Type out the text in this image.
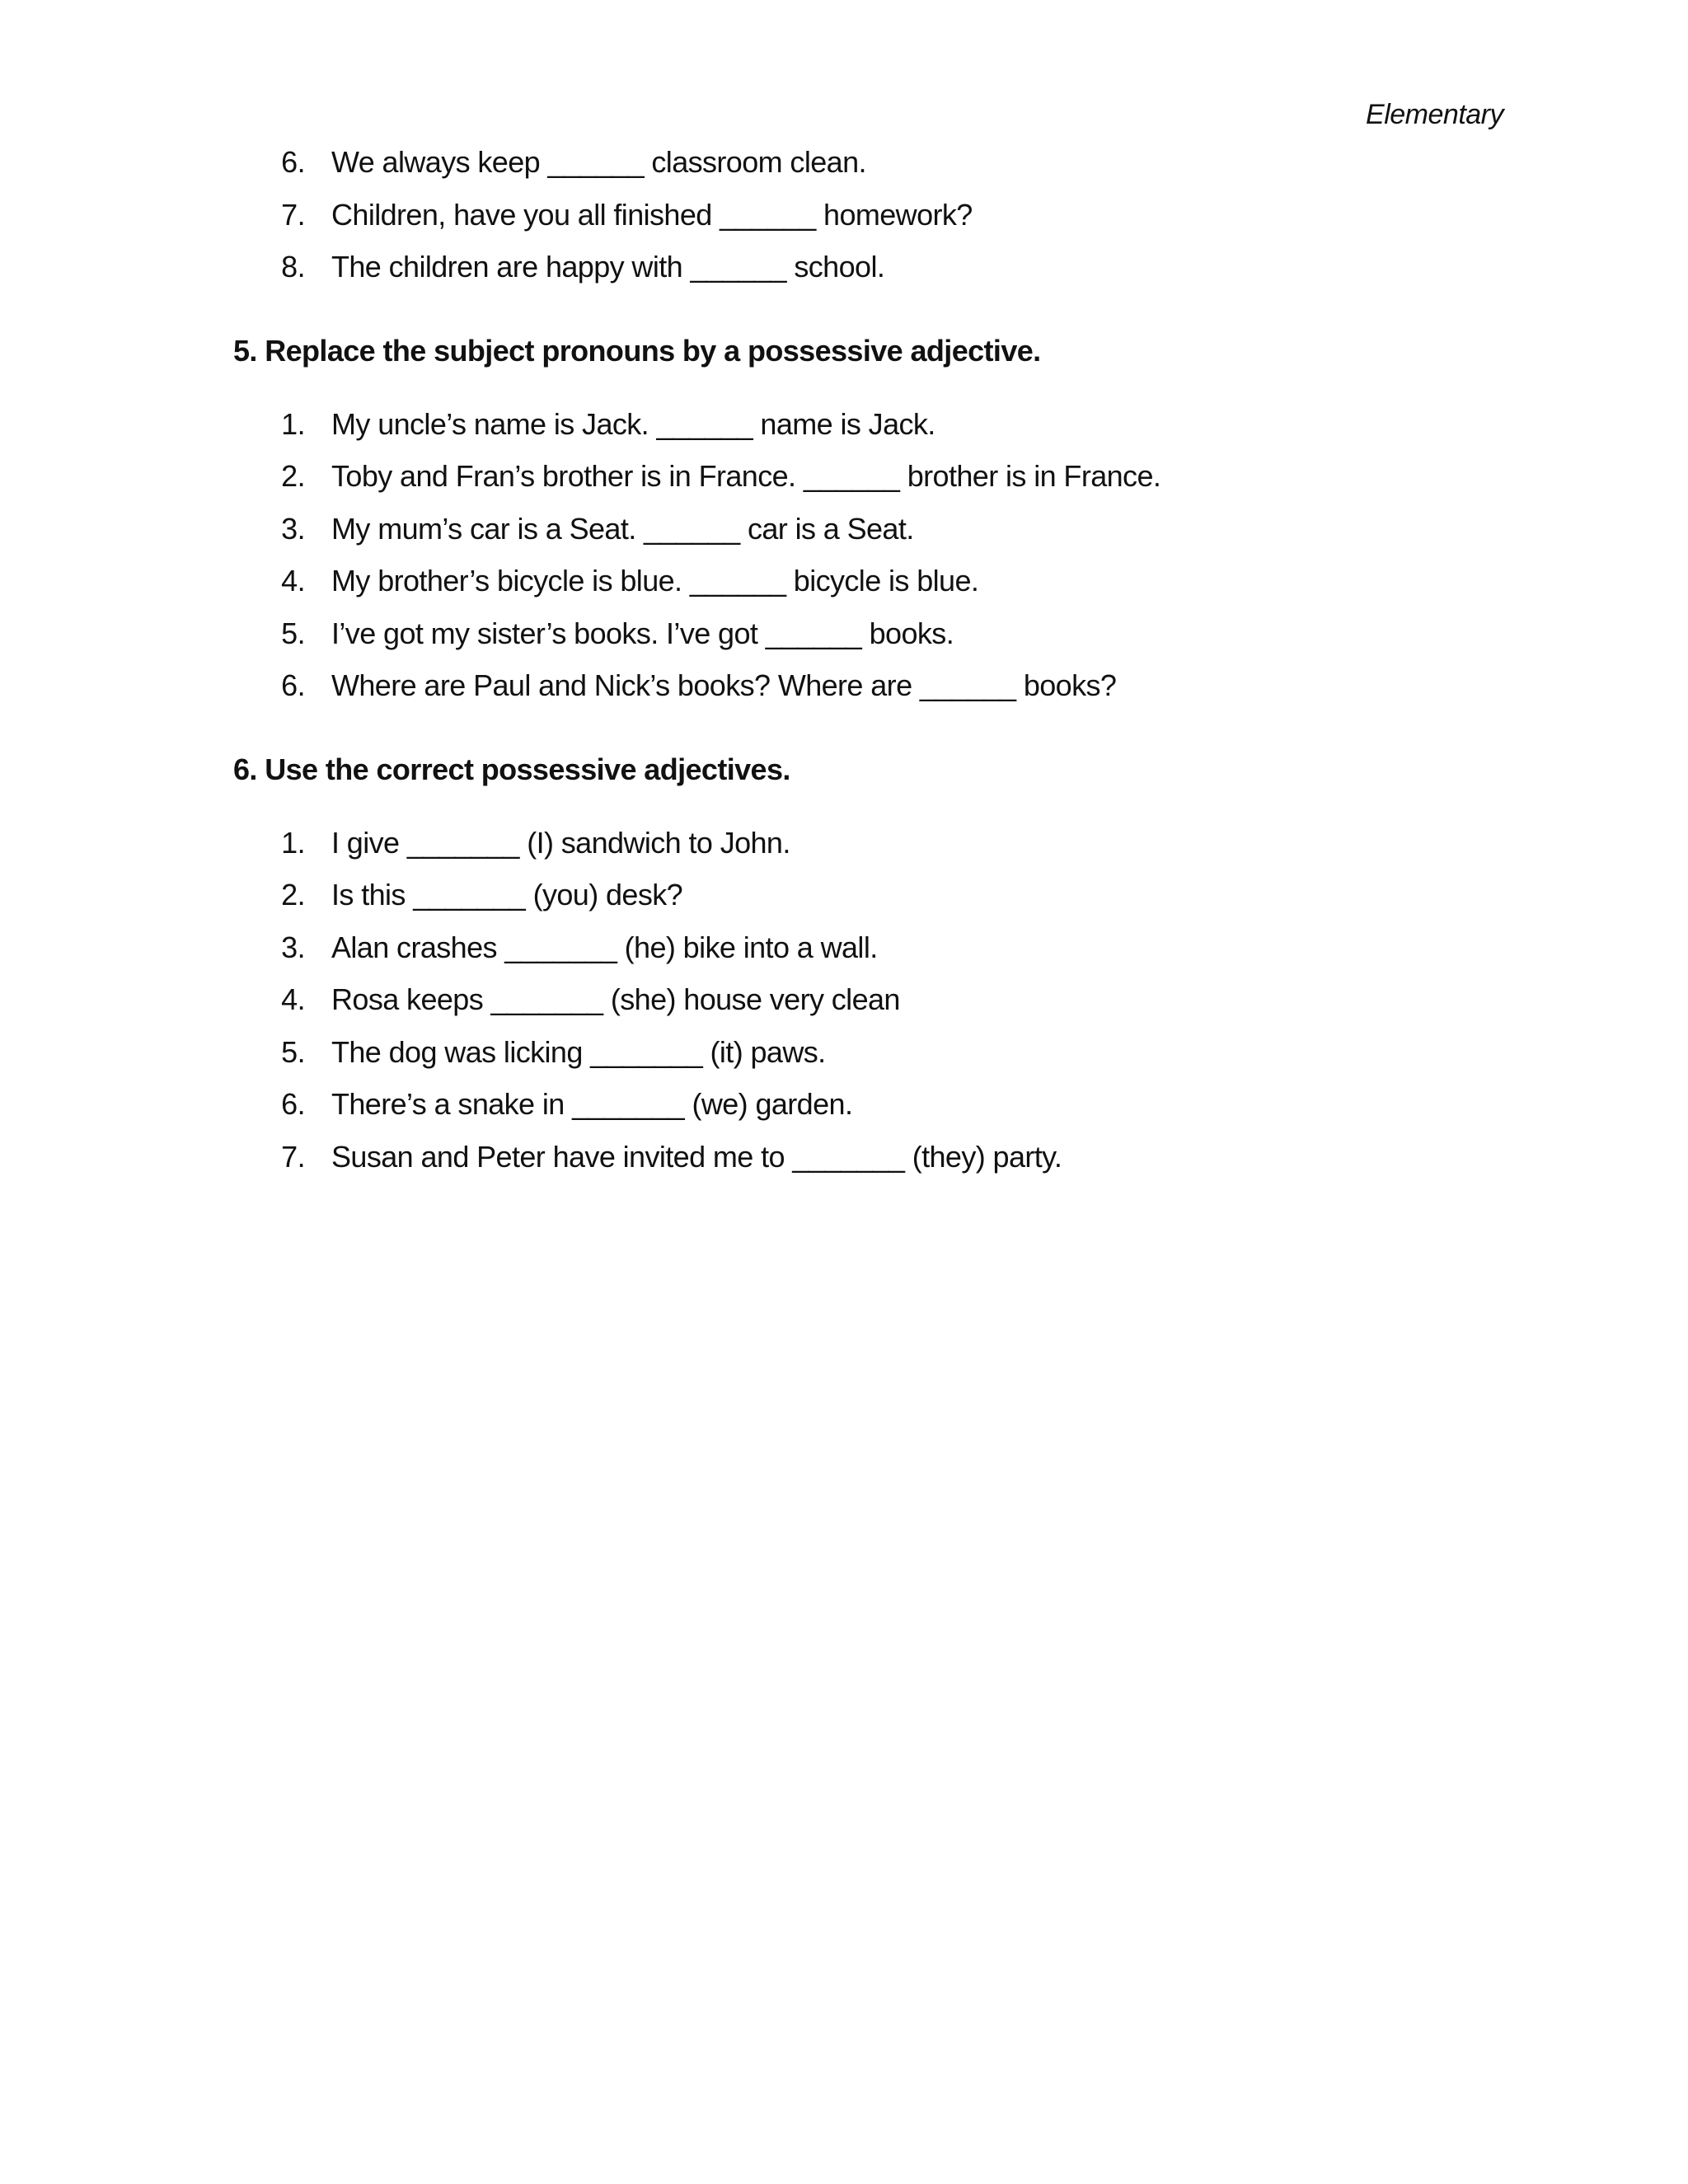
Elementary
6. We always keep ______ classroom clean.
7. Children, have you all finished ______ homework?
8. The children are happy with ______ school.
5. Replace the subject pronouns by a possessive adjective.
1. My uncle’s name is Jack. ______ name is Jack.
2. Toby and Fran’s brother is in France. ______ brother is in France.
3. My mum’s car is a Seat. ______ car is a Seat.
4. My brother’s bicycle is blue. ______ bicycle is blue.
5. I’ve got my sister’s books. I’ve got ______ books.
6. Where are Paul and Nick’s books? Where are ______ books?
6. Use the correct possessive adjectives.
1. I give _______ (I) sandwich to John.
2. Is this _______ (you) desk?
3. Alan crashes _______ (he) bike into a wall.
4. Rosa keeps _______ (she) house very clean
5. The dog was licking _______ (it) paws.
6. There’s a snake in _______ (we) garden.
7. Susan and Peter have invited me to _______ (they) party.
